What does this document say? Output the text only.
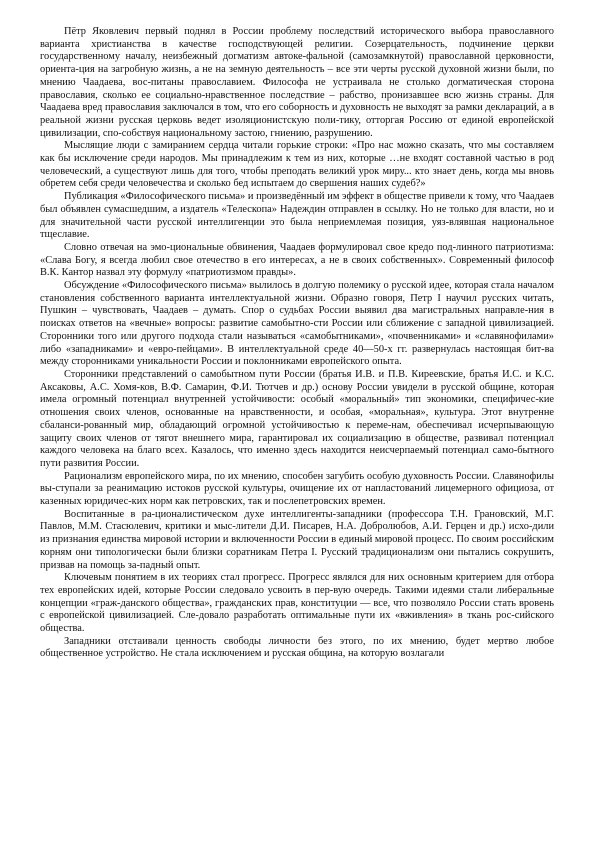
Пётр Яковлевич первый поднял в России проблему последствий исторического выбора православного варианта христианства в качестве господствующей религии. Созерцательность, подчинение церкви государственному началу, неизбежный догматизм автоке-фальной (самозамкнутой) православной церковности, ориента-ция на загробную жизнь, а не на земную деятельность – все эти черты русской духовной жизни были, по мнению Чаадаева, вос-питаны православием. Философа не устраивала не столько догматическая сторона православия, сколько ее социально-нравственное последствие – рабство, пронизавшее всю жизнь страны. Для Чаадаева вред православия заключался в том, что его соборность и духовность не выходят за рамки деклараций, а в реальной жизни русская церковь ведет изоляционистскую поли-тику, отторгая Россию от единой европейской цивилизации, спо-собствуя национальному застою, гниению, разрушению.

Мыслящие люди с замиранием сердца читали горькие строки: «Про нас можно сказать, что мы составляем как бы исключение среди народов. Мы принадлежим к тем из них, которые …не входят составной частью в род человеческий, а существуют лишь для того, чтобы преподать великий урок миру... кто знает день, когда мы вновь обретем себя среди человечества и сколько бед испытаем до свершения наших судеб?»

Публикация «Философического письма» и произведённый им эффект в обществе привели к тому, что Чаадаев был объявлен сумасшедшим, а издатель «Телескопа» Надеждин отправлен в ссылку. Но не только для власти, но и для значительной части русской интеллигенции это была неприемлемая позиция, уяз-влявшая национальное тщеславие.

Словно отвечая на эмо-циональные обвинения, Чаадаев формулировал свое кредо под-линного патриотизма: «Слава Богу, я всегда любил свое отечество в его интересах, а не в своих собственных». Современный философ В.К. Кантор назвал эту формулу «патриотизмом правды».

Обсуждение «Философического письма» вылилось в долгую полемику о русской идее, которая стала началом становления собственного варианта интеллектуальной жизни. Образно говоря, Петр I научил русских читать, Пушкин – чувствовать, Чаадаев – думать. Спор о судьбах России выявил два магистральных направле-ния в поисках ответов на «вечные» вопросы: развитие самобытно-сти России или сближение с западной цивилизацией. Сторонники того или другого подхода стали называться «самобытниками», «почвенниками» и «славянофилами» либо «западниками» и «евро-пейцами». В интеллектуальной среде 40—50-х гг. развернулась настоящая бит-ва между сторонниками уникальности России и поклонниками европейского опыта.

Сторонники представлений о самобытном пути России (братья И.В. и П.В. Киреевские, братья И.С. и К.С. Аксаковы, А.С. Хомя-ков, В.Ф. Самарин, Ф.И. Тютчев и др.) основу России увидели в русской общине, которая имела огромный потенциал внутренней устойчивости: особый «моральный» тип экономики, специфичес-кие отношения своих членов, основанные на нравственности, и особая, «моральная», культура. Этот внутренне сбаланси-рованный мир, обладающий огромной устойчивостью к переме-нам, обеспечивал исчерпывающую защиту своих членов от тягот внешнего мира, гарантировал их социализацию в обществе, развивал потенциал каждого человека на благо всех. Казалось, что именно здесь находится неисчерпаемый потенциал само-бытного пути развития России.

Рационализм европейского мира, по их мнению, способен загубить особую духовность России. Славянофилы вы-ступали за реанимацию истоков русской культуры, очищение их от напластований лицемерного официоза, от казенных юридичес-ких норм как петровских, так и послепетровских времен.

Воспитанные в ра-ционалистическом духе интеллигенты-западники (профессора Т.Н. Грановский, М.Г. Павлов, М.М. Стасюлевич, критики и мыс-лители Д.И. Писарев, Н.А. Добролюбов, А.И. Герцен и др.) исхо-дили из признания единства мировой истории и включенности России в единый мировой процесс. По своим российским корням они типологически были близки соратникам Петра I. Русский традиционализм они пытались сокрушить, призвав на помощь за-падный опыт.

Ключевым понятием в их теориях стал прогресс. Прогресс являлся для них основным критерием для отбора тех европейских идей, которые России следовало усвоить в пер-вую очередь. Такими идеями стали либеральные концепции «граж-данского общества», гражданских прав, конституции — все, что позволяло России стать вровень с европейской цивилизацией. Сле-довало разработать оптимальные пути их «вживления» в ткань рос-сийского общества.

Западники отстаивали ценность свободы личности без этого, по их мнению, будет мертво любое общественное устройство. Не стала исключением и русская община, на которую возлагали
